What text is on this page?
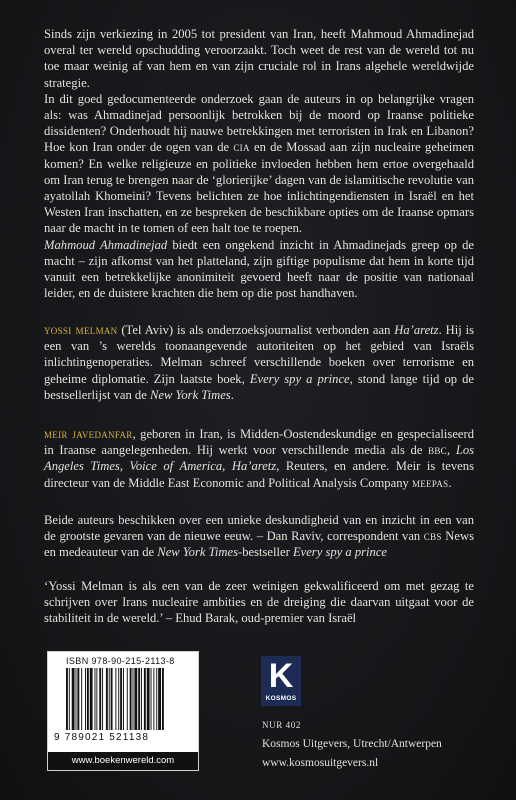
Sinds zijn verkiezing in 2005 tot president van Iran, heeft Mahmoud Ahmadinejad overal ter wereld opschudding veroorzaakt. Toch weet de rest van de wereld tot nu toe maar weinig af van hem en van zijn cruciale rol in Irans algehele wereldwijde strategie.

In dit goed gedocumenteerde onderzoek gaan de auteurs in op belangrijke vragen als: was Ahmadinejad persoonlijk betrokken bij de moord op Iraanse politieke dissidenten? Onderhoudt hij nauwe betrekkingen met terroristen in Irak en Libanon? Hoe kon Iran onder de ogen van de cia en de Mossad aan zijn nucleaire geheimen komen? En welke religieuze en politieke invloeden hebben hem ertoe overgehaald om Iran terug te brengen naar de ‘glorierijke’ dagen van de islamitische revolutie van ayatollah Khomeini? Tevens belichten ze hoe inlichtingendiensten in Israël en het Westen Iran inschatten, en ze bespreken de beschikbare opties om de Iraanse opmars naar de macht in te tomen of een halt toe te roepen.

Mahmoud Ahmadinejad biedt een ongekend inzicht in Ahmadinejads greep op de macht – zijn afkomst van het platteland, zijn giftige populisme dat hem in korte tijd vanuit een betrekkelijke anonimiteit gevoerd heeft naar de positie van nationaal leider, en de duistere krachten die hem op die post handhaven.

yossi melman (Tel Aviv) is als onderzoeksjournalist verbonden aan Ha’aretz. Hij is een van ’s werelds toonaangevende autoriteiten op het gebied van Israëls inlichtingenoperaties. Melman schreef verschillende boeken over terrorisme en geheime diplomatie. Zijn laatste boek, Every spy a prince, stond lange tijd op de bestsellerlijst van de New York Times.

meir javedanfar, geboren in Iran, is Midden-Oostendeskundige en gespecialiseerd in Iraanse aangelegenheden. Hij werkt voor verschillende media als de bbc, Los Angeles Times, Voice of America, Ha’aretz, Reuters, en andere. Meir is tevens directeur van de Middle East Economic and Political Analysis Company meepas.

Beide auteurs beschikken over een unieke deskundigheid van en inzicht in een van de grootste gevaren van de nieuwe eeuw. – Dan Raviv, correspondent van cbs News en medeauteur van de New York Times-bestseller Every spy a prince

‘Yossi Melman is als een van de zeer weinigen gekwalificeerd om met gezag te schrijven over Irans nucleaire ambities en de dreiging die daarvan uitgaat voor de stabiliteit in de wereld.’ – Ehud Barak, oud-premier van Israël

ISBN 978-90-215-2113-8
9 789021 521138
www.boekenwereld.com
K
KOSMOS
NUR 402
Kosmos Uitgevers, Utrecht/Antwerpen
www.kosmosuitgevers.nl
